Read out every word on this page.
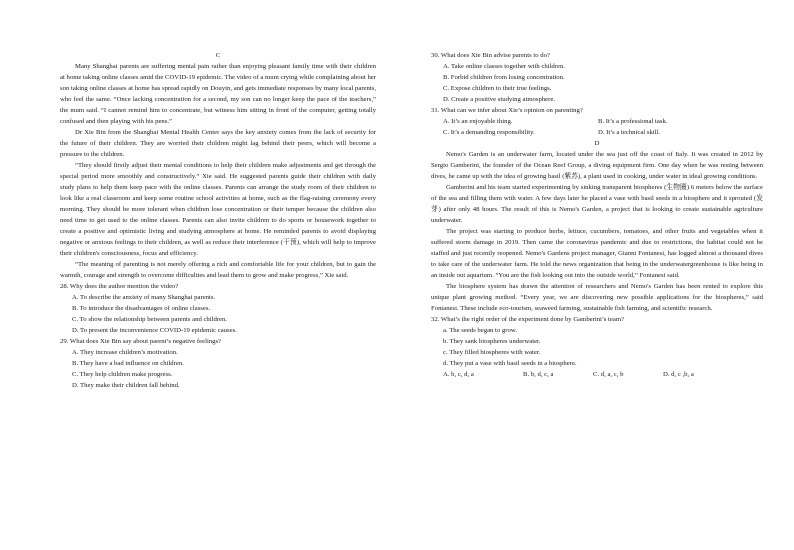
C

Many Shanghai parents are suffering mental pain rather than enjoying pleasant family time with their children at home taking online classes amid the COVID-19 epidemic. The video of a mum crying while complaining about her son taking online classes at home has spread rapidly on Douyin, and gets immediate responses by many local parents, who feel the same. “Once lacking concentration for a second, my son can no longer keep the pace of the teachers,” the mum said. “I cannot remind him to concentrate, but witness him sitting in front of the computer, getting totally confused and then playing with his pens.”

Dr Xie Bin from the Shanghai Mental Health Center says the key anxiety comes from the lack of security for the future of their children. They are worried their children might lag behind their peers, which will become a pressure to the children.

“They should firstly adjust their mental conditions to help their children make adjustments and get through the special period more smoothly and constructively.” Xie said. He suggested parents guide their children with daily study plans to help them keep pace with the online classes. Parents can arrange the study room of their children to look like a real classroom and keep some routine school activities at home, such as the flag-raising ceremony every morning. They should be more tolerant when children lose concentration or their temper because the children also need time to get used to the online classes. Parents can also invite children to do sports or housework together to create a positive and optimistic living and studying atmosphere at home. He reminded parents to avoid displaying negative or anxious feelings to their children, as well as reduce their interference (干预), which will help to improve their children's consciousness, focus and efficiency.

“The meaning of parenting is not merely offering a rich and comfortable life for your children, but to gain the warmth, courage and strength to overcome difficulties and lead them to grow and make progress,” Xie said.

28. Why does the author mention the video?

A. To describe the anxiety of many Shanghai parents.

B. To introduce the disadvantages of online classes.

C. To show the relationship between parents and children.

D. To present the inconvenience COVID-19 epidemic causes.

29. What does Xie Bin say about parent’s negative feelings?

A. They increase children’s motivation.

B. They have a bad influence on children.

C. They help children make progress.

D. They make their children fall behind.

30. What does Xie Bin advise parents to do?

A. Take online classes together with children.

B. Forbid children from losing concentration.

C. Expose children to their true feelings.

D. Create a positive studying atmosphere.

31. What can we infer about Xie’s opinion on parenting?

A. It’s an enjoyable thing.	B. It’s a professional task.
C. It’s a demanding responsibility.	D. It’s a technical skill.

D

Nemo's Garden is an underwater farm, located under the sea just off the coast of Italy. It was created in 2012 by Sergio Gamberini, the founder of the Ocean Reef Group, a diving equipment firm. One day when he was resting between dives, he came up with the idea of growing basil (紫苏), a plant used in cooking, under water in ideal growing conditions.

Gamberini and his team started experimenting by sinking transparent biospheres (生物圈) 6 meters below the surface of the sea and filling them with water. A few days later he placed a vase with basil seeds in a biosphere and it sprouted (发芽) after only 48 hours. The result of this is Nemo's Garden, a project that is looking to create sustainable agriculture underwater.

The project was starting to produce herbs, lettuce, cucumbers, tomatoes, and other fruits and vegetables when it suffered storm damage in 2019. Then came the coronavirus pandemic and due to restrictions, the habitat could not be staffed and just recently reopened. Nemo's Gardens project manager, Gianni Fontanesi, has logged almost a thousand dives to take care of the underwater farm. He told the news organization that being in the underwatergreenhouse is like being in an inside out aquarium. “You are the fish looking out into the outside world,” Fontanesi said.

The biosphere system has drawn the attention of researchers and Nemo's Garden has been rented to explore this unique plant growing method. “Every year, we are discovering new possible applications for the biospheres,” said Fontanesi. These include eco-tourism, seaweed farming, sustainable fish farming, and scientific research.

32. What’s the right order of the experiment done by Gamberini’s team?

a. The seeds began to grow.

b. They sank biospheres underwater.

c. They filled biospheres with water.

d. They put a vase with basil seeds in a biosphere.

A. b, c, d, a	B. b, d, c, a	C. d, a, c, b	D. d, c ,b, a
